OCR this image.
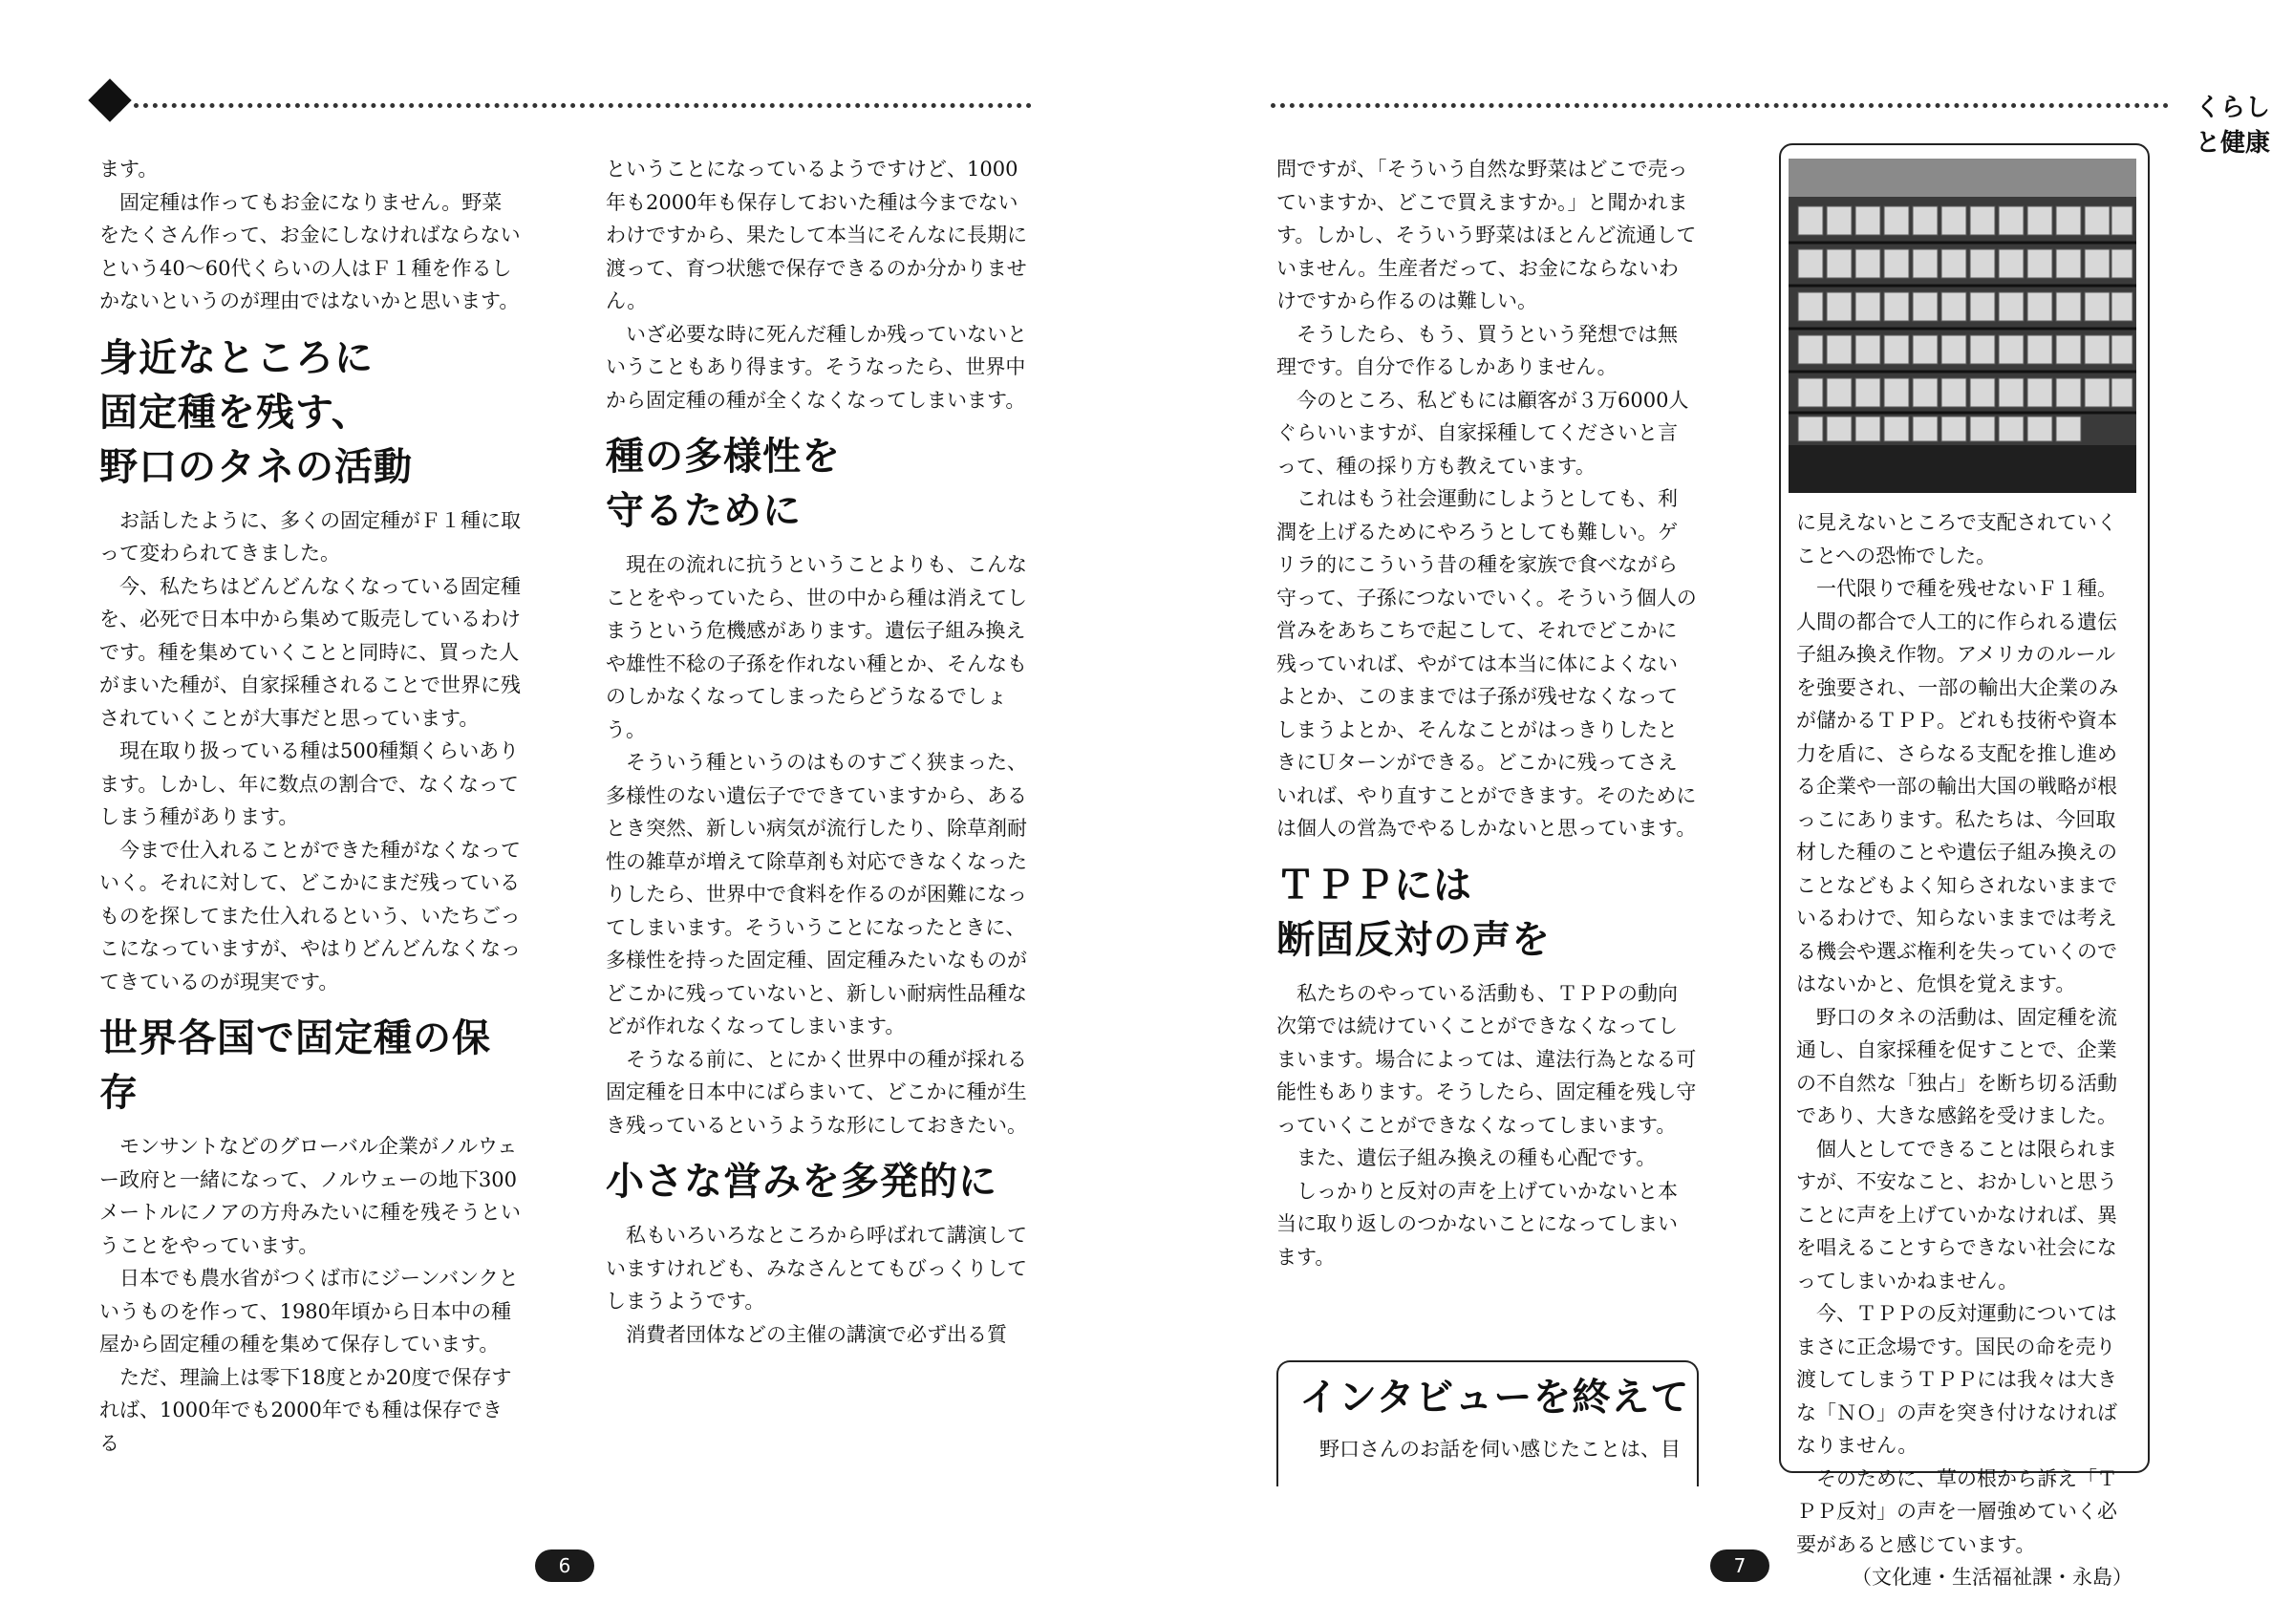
ます。

固定種は作ってもお金になりません。野菜をたくさん作って、お金にしなければならないという40～60代くらいの人はＦ１種を作るしかないというのが理由ではないかと思います。

身近なところに
固定種を残す、
野口のタネの活動

お話したように、多くの固定種がＦ１種に取って変わられてきました。

今、私たちはどんどんなくなっている固定種を、必死で日本中から集めて販売しているわけです。種を集めていくことと同時に、買った人がまいた種が、自家採種されることで世界に残されていくことが大事だと思っています。

現在取り扱っている種は500種類くらいあります。しかし、年に数点の割合で、なくなってしまう種があります。

今まで仕入れることができた種がなくなっていく。それに対して、どこかにまだ残っているものを探してまた仕入れるという、いたちごっこになっていますが、やはりどんどんなくなってきているのが現実です。

世界各国で固定種の保存

モンサントなどのグローバル企業がノルウェー政府と一緒になって、ノルウェーの地下300メートルにノアの方舟みたいに種を残そうということをやっています。

日本でも農水省がつくば市にジーンバンクというものを作って、1980年頃から日本中の種屋から固定種の種を集めて保存しています。

ただ、理論上は零下18度とか20度で保存すれば、1000年でも2000年でも種は保存できる

ということになっているようですけど、1000年も2000年も保存しておいた種は今までないわけですから、果たして本当にそんなに長期に渡って、育つ状態で保存できるのか分かりません。

いざ必要な時に死んだ種しか残っていないということもあり得ます。そうなったら、世界中から固定種の種が全くなくなってしまいます。

種の多様性を
守るために

現在の流れに抗うということよりも、こんなことをやっていたら、世の中から種は消えてしまうという危機感があります。遺伝子組み換えや雄性不稔の子孫を作れない種とか、そんなものしかなくなってしまったらどうなるでしょう。

そういう種というのはものすごく狭まった、多様性のない遺伝子でできていますから、あるとき突然、新しい病気が流行したり、除草剤耐性の雑草が増えて除草剤も対応できなくなったりしたら、世界中で食料を作るのが困難になってしまいます。そういうことになったときに、多様性を持った固定種、固定種みたいなものがどこかに残っていないと、新しい耐病性品種などが作れなくなってしまいます。

そうなる前に、とにかく世界中の種が採れる固定種を日本中にばらまいて、どこかに種が生き残っているというような形にしておきたい。

小さな営みを多発的に

私もいろいろなところから呼ばれて講演していますけれども、みなさんとてもびっくりしてしまうようです。

消費者団体などの主催の講演で必ず出る質

6
くらしと健康
7

問ですが、「そういう自然な野菜はどこで売っていますか、どこで買えますか。」と聞かれます。しかし、そういう野菜はほとんど流通していません。生産者だって、お金にならないわけですから作るのは難しい。

そうしたら、もう、買うという発想では無理です。自分で作るしかありません。

今のところ、私どもには顧客が３万6000人ぐらいいますが、自家採種してくださいと言って、種の採り方も教えています。

これはもう社会運動にしようとしても、利潤を上げるためにやろうとしても難しい。ゲリラ的にこういう昔の種を家族で食べながら守って、子孫につないでいく。そういう個人の営みをあちこちで起こして、それでどこかに残っていれば、やがては本当に体によくないよとか、このままでは子孫が残せなくなってしまうよとか、そんなことがはっきりしたときにＵターンができる。どこかに残ってさえいれば、やり直すことができます。そのためには個人の営為でやるしかないと思っています。

ＴＰＰには
断固反対の声を

私たちのやっている活動も、ＴＰＰの動向次第では続けていくことができなくなってしまいます。場合によっては、違法行為となる可能性もあります。そうしたら、固定種を残し守っていくことができなくなってしまいます。

また、遺伝子組み換えの種も心配です。

しっかりと反対の声を上げていかないと本当に取り返しのつかないことになってしまいます。

インタビューを終えて

野口さんのお話を伺い感じたことは、目

に見えないところで支配されていくことへの恐怖でした。

一代限りで種を残せないＦ１種。人間の都合で人工的に作られる遺伝子組み換え作物。アメリカのルールを強要され、一部の輸出大企業のみが儲かるＴＰＰ。どれも技術や資本力を盾に、さらなる支配を推し進める企業や一部の輸出大国の戦略が根っこにあります。私たちは、今回取材した種のことや遺伝子組み換えのことなどもよく知らされないままでいるわけで、知らないままでは考える機会や選ぶ権利を失っていくのではないかと、危惧を覚えます。

野口のタネの活動は、固定種を流通し、自家採種を促すことで、企業の不自然な「独占」を断ち切る活動であり、大きな感銘を受けました。

個人としてできることは限られますが、不安なこと、おかしいと思うことに声を上げていかなければ、異を唱えることすらできない社会になってしまいかねません。

今、ＴＰＰの反対運動についてはまさに正念場です。国民の命を売り渡してしまうＴＰＰには我々は大きな「ＮＯ」の声を突き付けなければなりません。

そのために、草の根から訴え「ＴＰＰ反対」の声を一層強めていく必要があると感じています。

（文化連・生活福祉課・永島）
